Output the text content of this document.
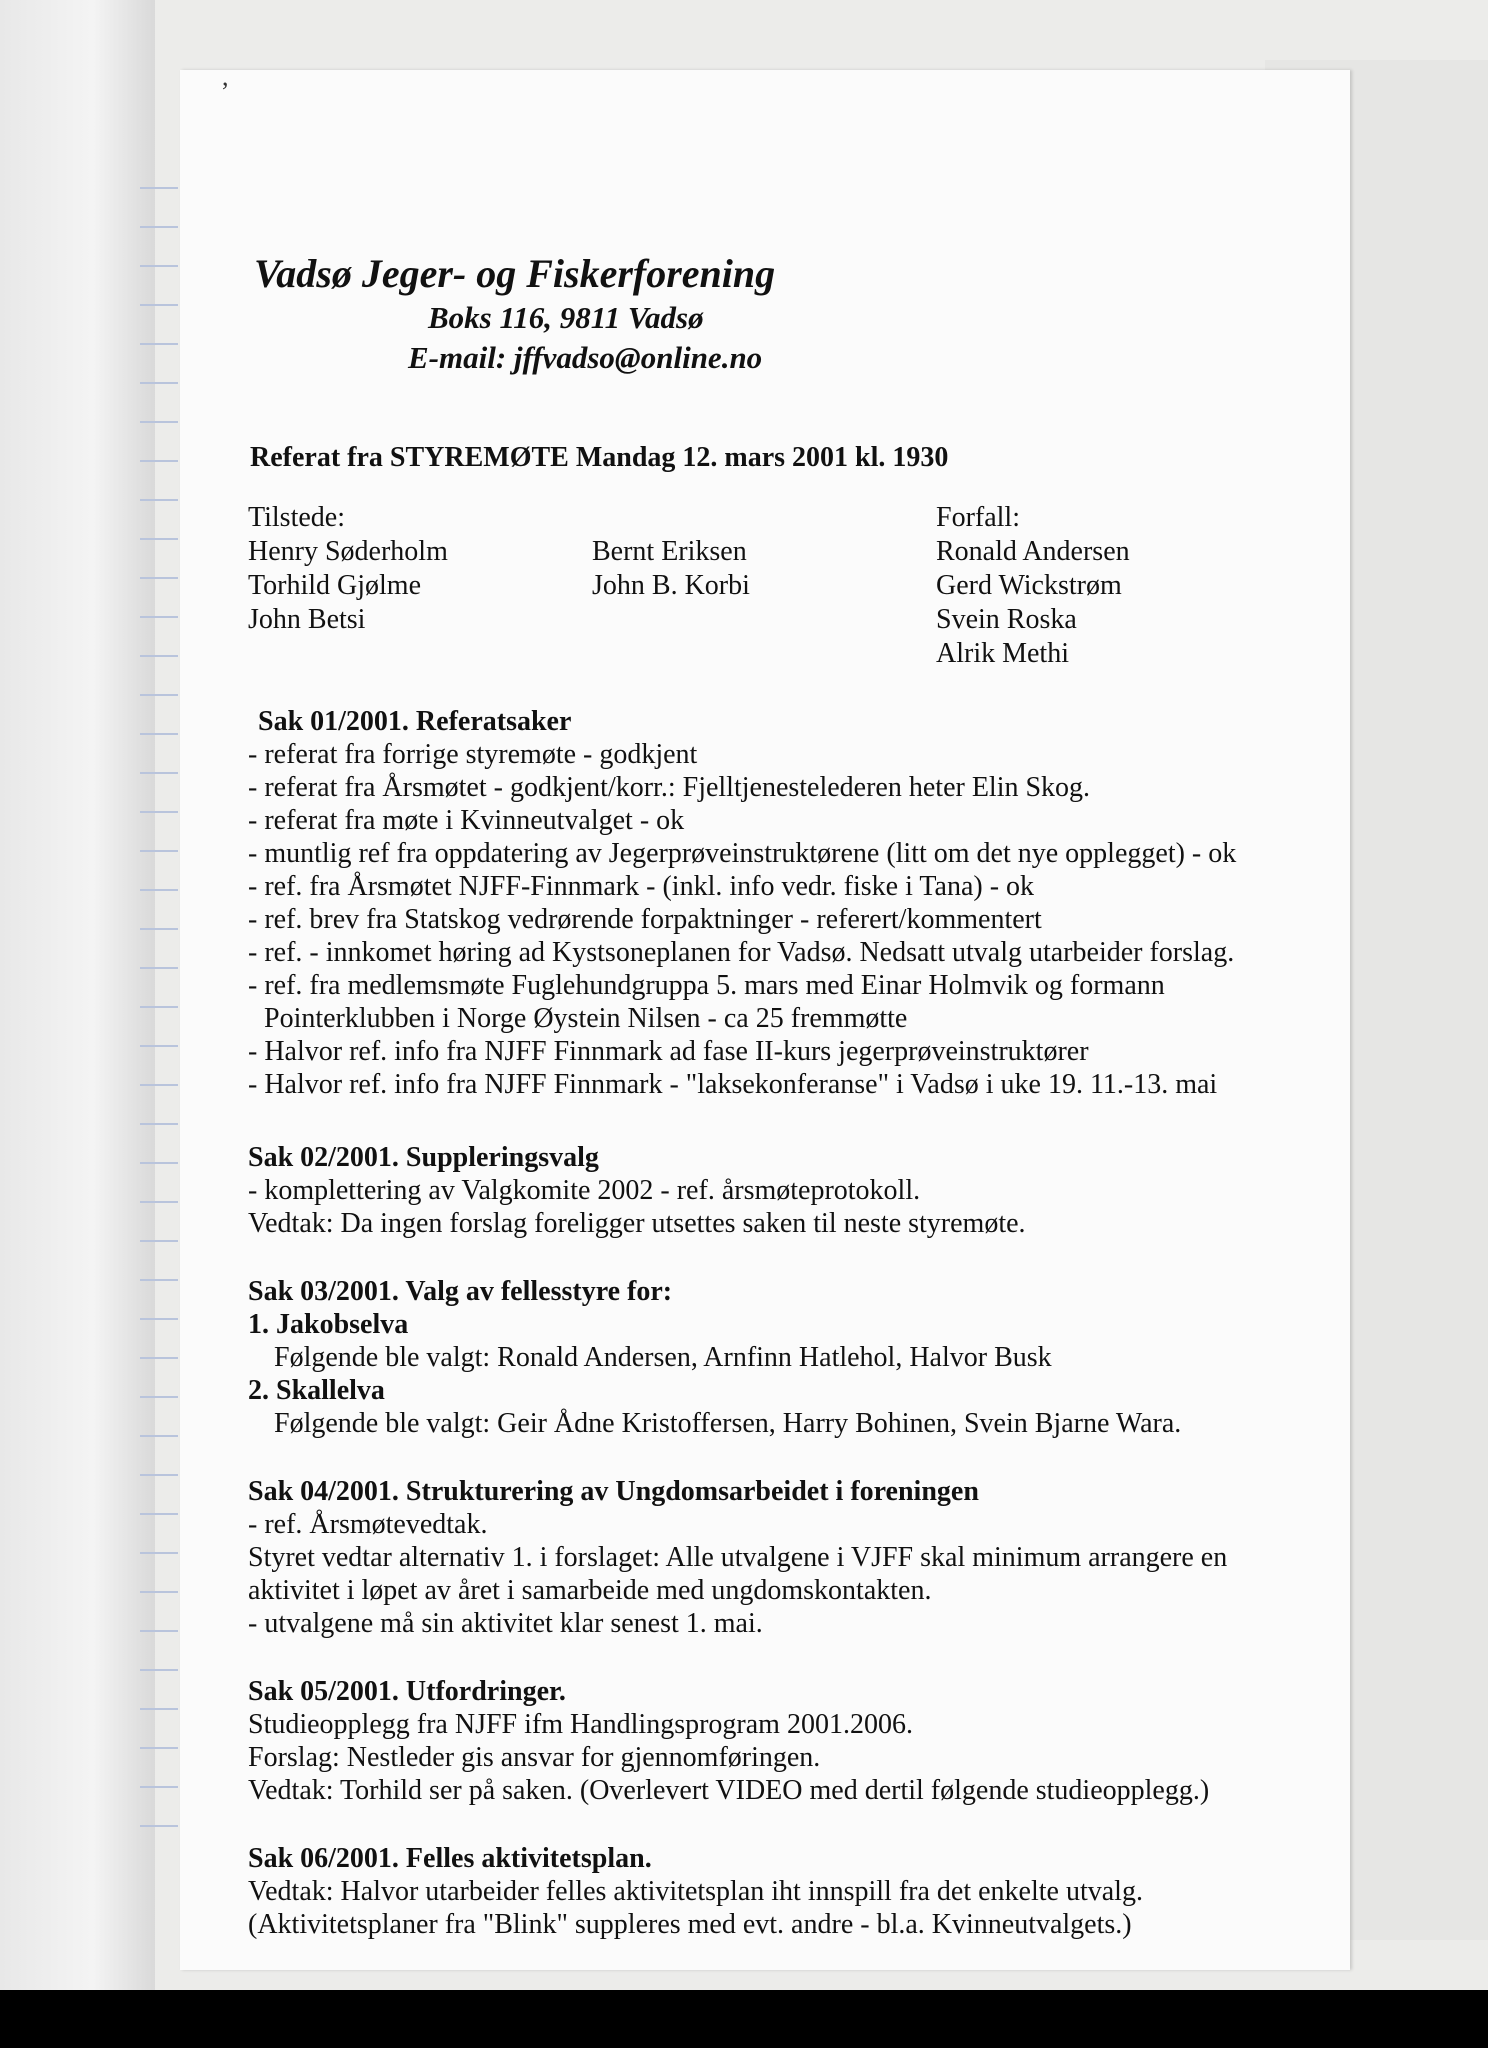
,
Vadsø Jeger- og Fiskerforening
Boks 116, 9811 Vadsø
E-mail: jffvadso@online.no
Referat fra STYREMØTE Mandag 12. mars 2001 kl. 1930
Tilstede:
Henry Søderholm
Torhild Gjølme
John Betsi
Bernt Eriksen
John B. Korbi
Forfall:
Ronald Andersen
Gerd Wickstrøm
Svein Roska
Alrik Methi
Sak 01/2001. Referatsaker
- referat fra forrige styremøte - godkjent
- referat fra Årsmøtet - godkjent/korr.: Fjelltjenestelederen heter Elin Skog.
- referat fra møte i Kvinneutvalget - ok
- muntlig ref fra oppdatering av Jegerprøveinstruktørene (litt om det nye opplegget) - ok
- ref. fra Årsmøtet NJFF-Finnmark - (inkl. info vedr. fiske i Tana) - ok
- ref. brev fra Statskog vedrørende forpaktninger - referert/kommentert
- ref. - innkomet høring ad Kystsoneplanen for Vadsø. Nedsatt utvalg utarbeider forslag.
- ref. fra medlemsmøte Fuglehundgruppa 5. mars med Einar Holmvik og formann
Pointerklubben i Norge Øystein Nilsen - ca 25 fremmøtte
- Halvor ref. info fra NJFF Finnmark ad fase II-kurs jegerprøveinstruktører
- Halvor ref. info fra NJFF Finnmark - "laksekonferanse" i Vadsø i uke 19. 11.-13. mai
Sak 02/2001. Suppleringsvalg
- komplettering av Valgkomite 2002 - ref. årsmøteprotokoll.
Vedtak: Da ingen forslag foreligger utsettes saken til neste styremøte.
Sak 03/2001. Valg av fellesstyre for:
1. Jakobselva
Følgende ble valgt: Ronald Andersen, Arnfinn Hatlehol, Halvor Busk
2. Skallelva
Følgende ble valgt: Geir Ådne Kristoffersen, Harry Bohinen, Svein Bjarne Wara.
Sak 04/2001. Strukturering av Ungdomsarbeidet i foreningen
- ref. Årsmøtevedtak.
Styret vedtar alternativ 1. i forslaget: Alle utvalgene i VJFF skal minimum arrangere en
aktivitet i løpet av året i samarbeide med ungdomskontakten.
- utvalgene må sin aktivitet klar senest 1. mai.
Sak 05/2001. Utfordringer.
Studieopplegg fra NJFF ifm Handlingsprogram 2001.2006.
Forslag: Nestleder gis ansvar for gjennomføringen.
Vedtak: Torhild ser på saken. (Overlevert VIDEO med dertil følgende studieopplegg.)
Sak 06/2001. Felles aktivitetsplan.
Vedtak: Halvor utarbeider felles aktivitetsplan iht innspill fra det enkelte utvalg.
(Aktivitetsplaner fra "Blink" suppleres med evt. andre - bl.a. Kvinneutvalgets.)
